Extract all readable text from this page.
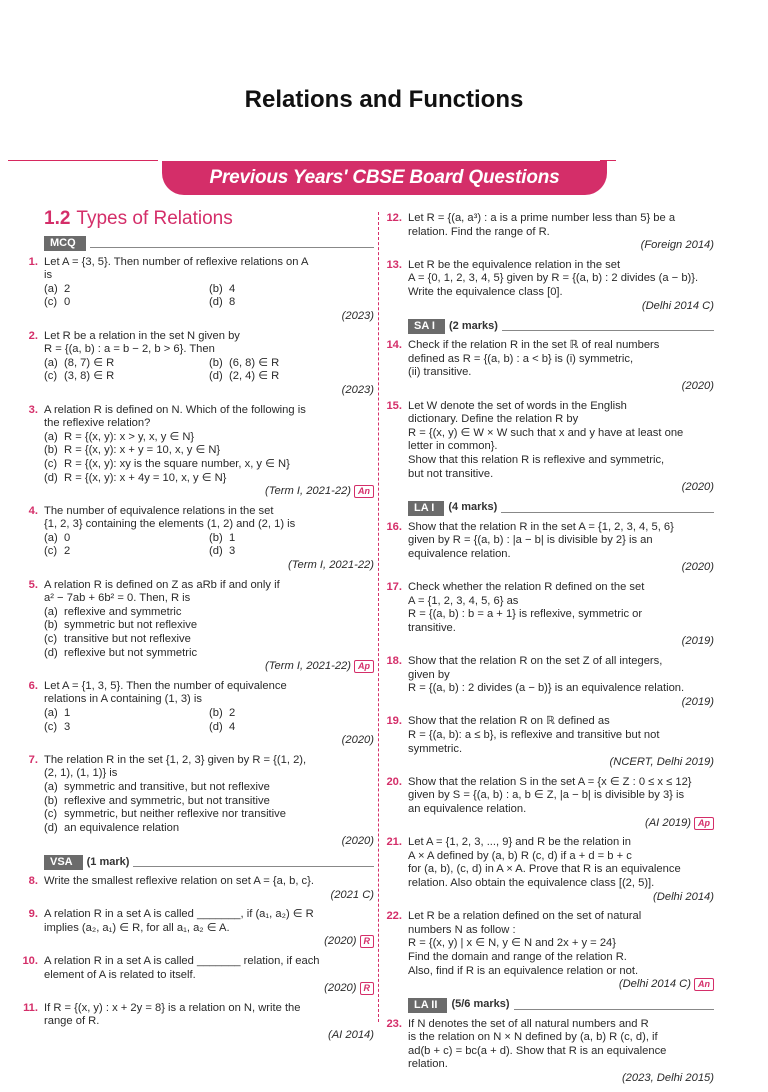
Relations and Functions
Previous Years' CBSE Board Questions
1.2 Types of Relations
MCQ
1. Let A = {3, 5}. Then number of reflexive relations on A
is
(a) 2	(b) 4
(c) 0	(d) 8
(2023)
2. Let R be a relation in the set N given by
R = {(a, b) : a = b − 2, b > 6}. Then
(a) (8, 7) ∈ R	(b) (6, 8) ∈ R
(c) (3, 8) ∈ R	(d) (2, 4) ∈ R
(2023)
3. A relation R is defined on N. Which of the following is
the reflexive relation?
(a) R = {(x, y): x > y, x, y ∈ N}
(b) R = {(x, y): x + y = 10, x, y ∈ N}
(c) R = {(x, y): xy is the square number, x, y ∈ N}
(d) R = {(x, y): x + 4y = 10, x, y ∈ N}
(Term I, 2021-22) An
4. The number of equivalence relations in the set
{1, 2, 3} containing the elements (1, 2) and (2, 1) is
(a) 0	(b) 1
(c) 2	(d) 3
(Term I, 2021-22)
5. A relation R is defined on Z as aRb if and only if
a² − 7ab + 6b² = 0. Then, R is
(a) reflexive and symmetric
(b) symmetric but not reflexive
(c) transitive but not reflexive
(d) reflexive but not symmetric
(Term I, 2021-22) Ap
6. Let A = {1, 3, 5}. Then the number of equivalence
relations in A containing (1, 3) is
(a) 1	(b) 2
(c) 3	(d) 4
(2020)
7. The relation R in the set {1, 2, 3} given by R = {(1, 2),
(2, 1), (1, 1)} is
(a) symmetric and transitive, but not reflexive
(b) reflexive and symmetric, but not transitive
(c) symmetric, but neither reflexive nor transitive
(d) an equivalence relation
(2020)
VSA	(1 mark)
8. Write the smallest reflexive relation on set A = {a, b, c}.
(2021 C)
9. A relation R in a set A is called _______, if (a₁, a₂) ∈ R
implies (a₂, a₁) ∈ R, for all a₁, a₂ ∈ A.
(2020) R
10. A relation R in a set A is called _______ relation, if each
element of A is related to itself.
(2020) R
11. If R = {(x, y) : x + 2y = 8} is a relation on N, write the
range of R.
(AI 2014)
12. Let R = {(a, a³) : a is a prime number less than 5} be a
relation. Find the range of R.
(Foreign 2014)
13. Let R be the equivalence relation in the set
A = {0, 1, 2, 3, 4, 5} given by R = {(a, b) : 2 divides (a − b)}.
Write the equivalence class [0].
(Delhi 2014 C)
SA I	(2 marks)
14. Check if the relation R in the set ℝ of real numbers
defined as R = {(a, b) : a < b} is (i) symmetric,
(ii) transitive.
(2020)
15. Let W denote the set of words in the English
dictionary. Define the relation R by
R = {(x, y) ∈ W × W such that x and y have at least one
letter in common}.
Show that this relation R is reflexive and symmetric,
but not transitive.
(2020)
LA I	(4 marks)
16. Show that the relation R in the set A = {1, 2, 3, 4, 5, 6}
given by R = {(a, b) : |a − b| is divisible by 2} is an
equivalence relation.
(2020)
17. Check whether the relation R defined on the set
A = {1, 2, 3, 4, 5, 6} as
R = {(a, b) : b = a + 1} is reflexive, symmetric or
transitive.
(2019)
18. Show that the relation R on the set Z of all integers,
given by
R = {(a, b) : 2 divides (a − b)} is an equivalence relation.
(2019)
19. Show that the relation R on ℝ defined as
R = {(a, b): a ≤ b}, is reflexive and transitive but not
symmetric.
(NCERT, Delhi 2019)
20. Show that the relation S in the set A = {x ∈ Z : 0 ≤ x ≤ 12}
given by S = {(a, b) : a, b ∈ Z, |a − b| is divisible by 3} is
an equivalence relation.
(AI 2019) Ap
21. Let A = {1, 2, 3, ..., 9} and R be the relation in
A × A defined by (a, b) R (c, d) if a + d = b + c
for (a, b), (c, d) in A × A. Prove that R is an equivalence
relation. Also obtain the equivalence class [(2, 5)].
(Delhi 2014)
22. Let R be a relation defined on the set of natural
numbers N as follow :
R = {(x, y) | x ∈ N, y ∈ N and 2x + y = 24}
Find the domain and range of the relation R.
Also, find if R is an equivalence relation or not.
(Delhi 2014 C) An
LA II	(5/6 marks)
23. If N denotes the set of all natural numbers and R
is the relation on N × N defined by (a, b) R (c, d), if
ad(b + c) = bc(a + d). Show that R is an equivalence
relation.
(2023, Delhi 2015)
